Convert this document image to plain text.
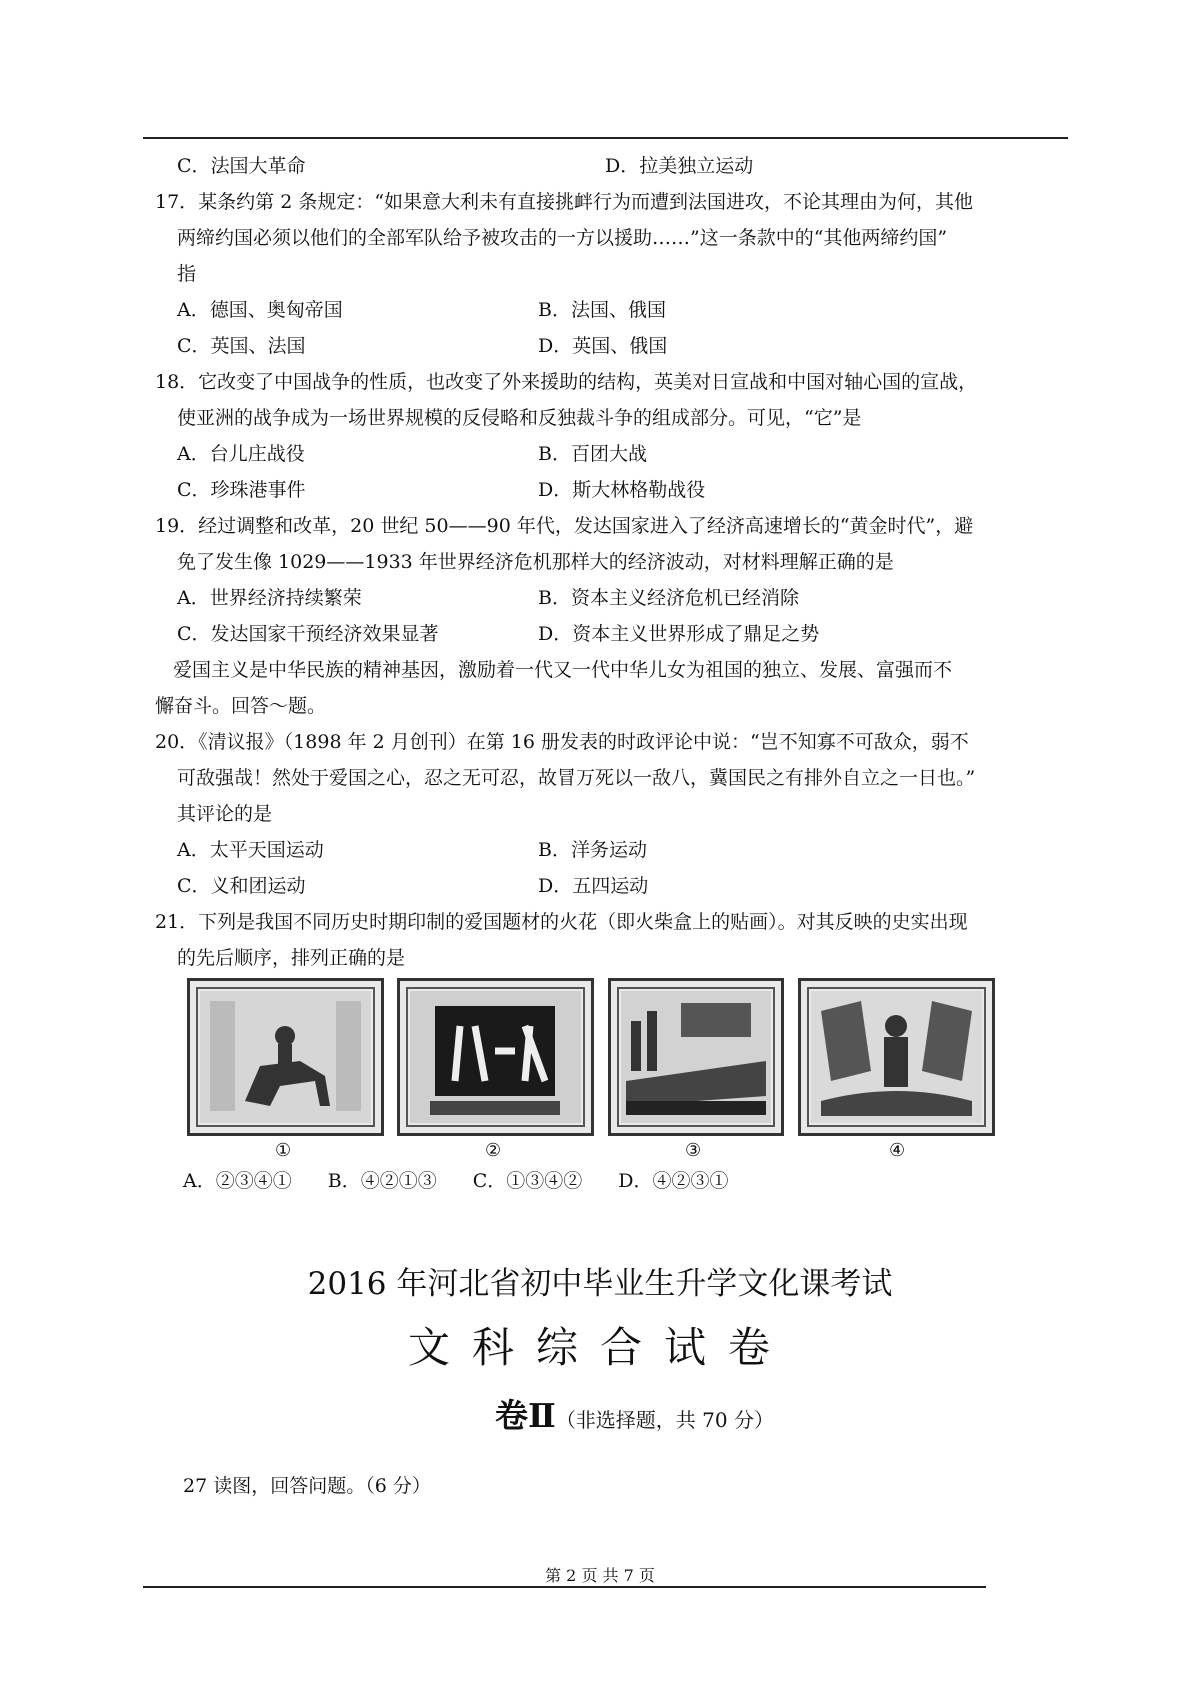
C．法国大革命	D．拉美独立运动
17．某条约第 2 条规定：“如果意大利未有直接挑衅行为而遭到法国进攻，不论其理由为何，其他
两缔约国必须以他们的全部军队给予被攻击的一方以援助……”这一条款中的“其他两缔约国”
指
A．德国、奥匈帝国	B．法国、俄国
C．英国、法国	D．英国、俄国
18．它改变了中国战争的性质，也改变了外来援助的结构，英美对日宣战和中国对轴心国的宣战，
使亚洲的战争成为一场世界规模的反侵略和反独裁斗争的组成部分。可见，“它”是
A．台儿庄战役	B．百团大战
C．珍珠港事件	D．斯大林格勒战役
19．经过调整和改革，20 世纪 50——90 年代，发达国家进入了经济高速增长的“黄金时代”，避
免了发生像 1029——1933 年世界经济危机那样大的经济波动，对材料理解正确的是
A．世界经济持续繁荣	B．资本主义经济危机已经消除
C．发达国家干预经济效果显著	D．资本主义世界形成了鼎足之势
爱国主义是中华民族的精神基因，激励着一代又一代中华儿女为祖国的独立、发展、富强而不
懈奋斗。回答～题。
20．《清议报》（1898 年 2 月创刊）在第 16 册发表的时政评论中说：“岂不知寡不可敌众，弱不
可敌强哉！然处于爱国之心，忍之无可忍，故冒万死以一敌八，冀国民之有排外自立之一日也。”
其评论的是
A．太平天国运动	B．洋务运动
C．义和团运动	D．五四运动
21．下列是我国不同历史时期印制的爱国题材的火花（即火柴盒上的贴画）。对其反映的史实出现
的先后顺序，排列正确的是
①	②	③	④
A．②③④① B．④②①③ C．①③④② D．④②③①
2016 年河北省初中毕业生升学文化课考试
文科综合试卷
卷Ⅱ（非选择题，共 70 分）
27 读图，回答问题。（6 分）
第 2 页 共 7 页
